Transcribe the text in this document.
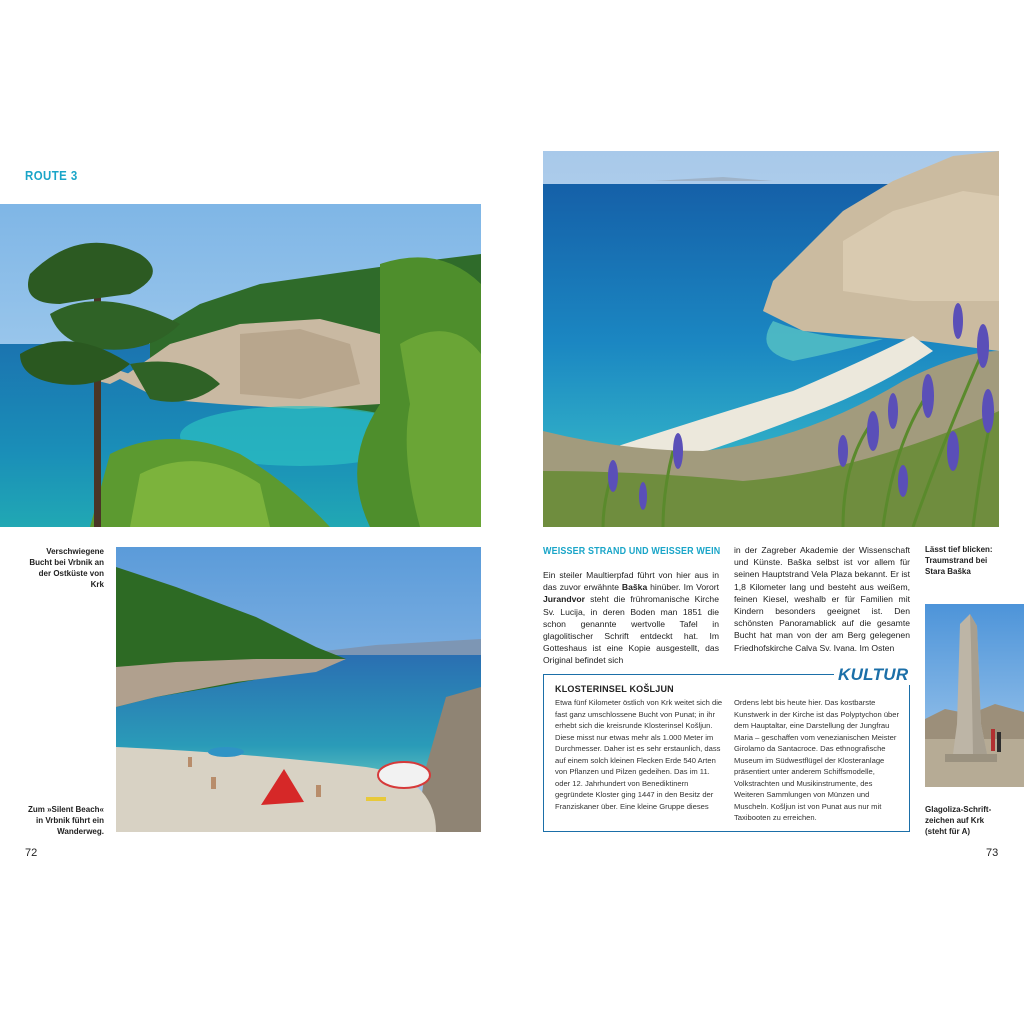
ROUTE 3
Verschwiegene Bucht bei Vrbnik an der Ostküste von Krk
Zum »Silent Beach« in Vrbnik führt ein Wanderweg.
72
WEISSER STRAND UND WEISSER WEIN
Ein steiler Maultierpfad führt von hier aus in das zuvor erwähnte Baška hinüber. Im Vorort Jurandvor steht die frühromanische Kirche Sv. Lucija, in deren Boden man 1851 die schon genannte wertvolle Tafel in glagolitischer Schrift entdeckt hat. Im Gotteshaus ist eine Kopie ausgestellt, das Original befindet sich
in der Zagreber Akademie der Wissenschaft und Künste. Baška selbst ist vor allem für seinen Hauptstrand Vela Plaza bekannt. Er ist 1,8 Kilometer lang und besteht aus weißem, feinen Kiesel, weshalb er für Familien mit Kindern besonders geeignet ist. Den schönsten Panoramablick auf die gesamte Bucht hat man von der am Berg gelegenen Friedhofskirche Calva Sv. Ivana. Im Osten
KULTUR
KLOSTERINSEL KOŠLJUN
Etwa fünf Kilometer östlich von Krk weitet sich die fast ganz umschlossene Bucht von Punat; in ihr erhebt sich die kreisrunde Klosterinsel Košljun. Diese misst nur etwas mehr als 1.000 Meter im Durchmesser. Daher ist es sehr erstaunlich, dass auf einem solch kleinen Flecken Erde 540 Arten von Pflanzen und Pilzen gedeihen. Das im 11. oder 12. Jahrhundert von Benediktinern gegründete Kloster ging 1447 in den Besitz der Franziskaner über. Eine kleine Gruppe dieses
Ordens lebt bis heute hier. Das kostbarste Kunstwerk in der Kirche ist das Polyptychon über dem Hauptaltar, eine Darstellung der Jungfrau Maria – geschaffen vom venezianischen Meister Girolamo da Santacroce. Das ethnografische Museum im Südwestflügel der Klosteranlage präsentiert unter anderem Schiffsmodelle, Volkstrachten und Musikinstrumente, des Weiteren Sammlungen von Münzen und Muscheln. Košljun ist von Punat aus nur mit Taxibooten zu erreichen.
Lässt tief blicken: Traumstrand bei Stara Baška
Glagoliza-Schrift-zeichen auf Krk (steht für A)
73
